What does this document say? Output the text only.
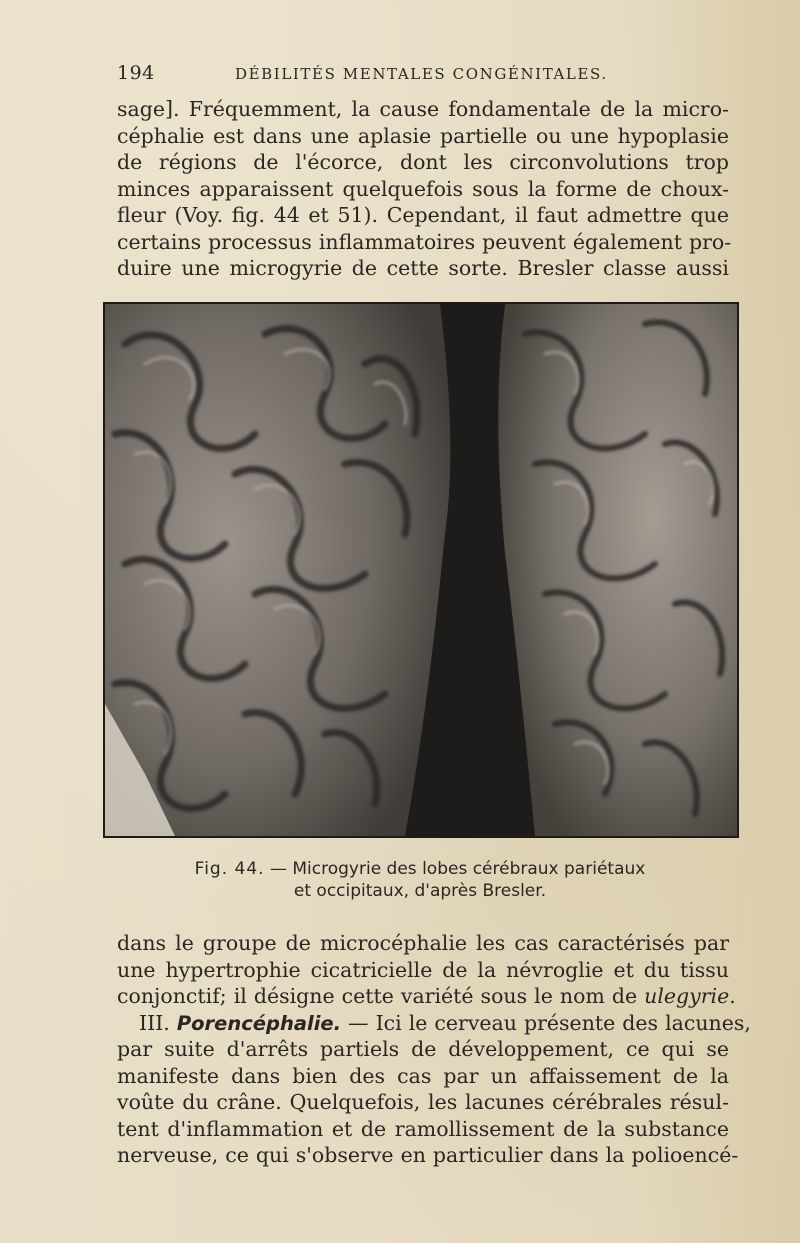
194	DÉBILITÉS MENTALES CONGÉNITALES.
sage]. Fréquemment, la cause fondamentale de la micro-
céphalie est dans une aplasie partielle ou une hypoplasie
de régions de l'écorce, dont les circonvolutions trop
minces apparaissent quelquefois sous la forme de choux-
fleur (Voy. fig. 44 et 51). Cependant, il faut admettre que
certains processus inflammatoires peuvent également pro-
duire une microgyrie de cette sorte. Bresler classe aussi
Fig. 44. — Microgyrie des lobes cérébraux pariétaux
et occipitaux, d'après Bresler.
dans le groupe de microcéphalie les cas caractérisés par
une hypertrophie cicatricielle de la névroglie et du tissu
conjonctif; il désigne cette variété sous le nom de ulegyrie.
III. Porencéphalie. — Ici le cerveau présente des lacunes,
par suite d'arrêts partiels de développement, ce qui se
manifeste dans bien des cas par un affaissement de la
voûte du crâne. Quelquefois, les lacunes cérébrales résul-
tent d'inflammation et de ramollissement de la substance
nerveuse, ce qui s'observe en particulier dans la polioencé-
